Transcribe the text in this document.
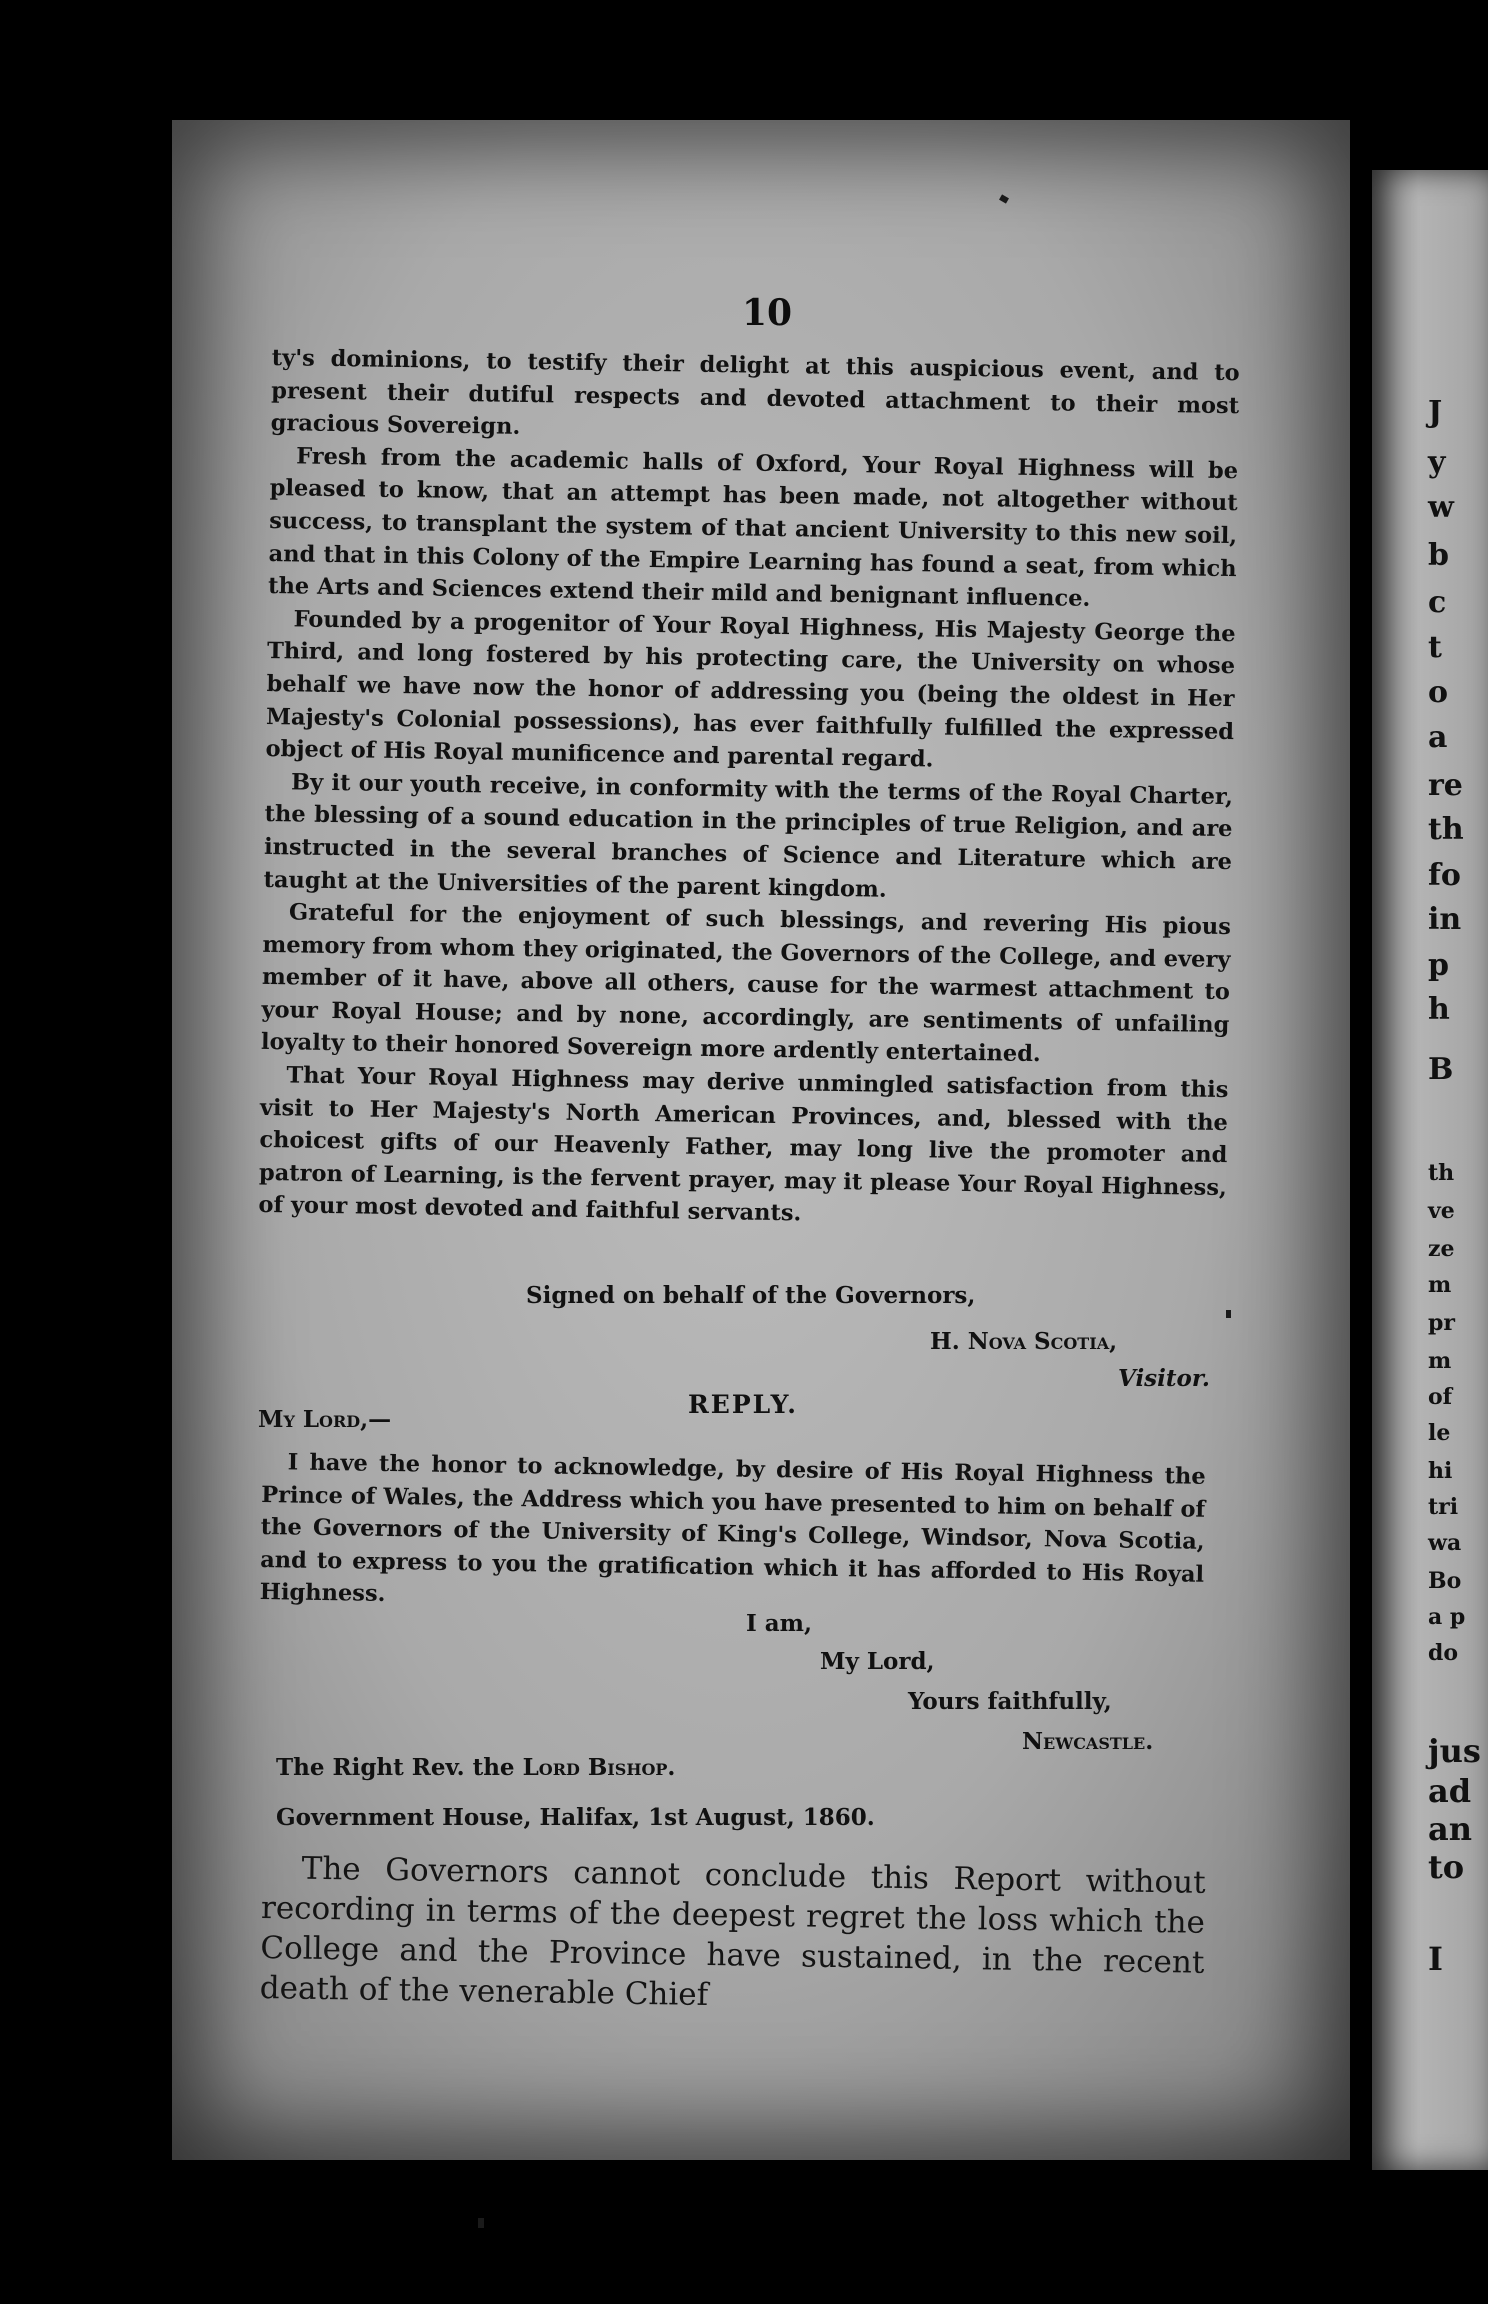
J
y
w
b
c
t
o
a
re
th
fo
in
p
h
B
th
ve
ze
m
pr
m
of
le
hi
tri
wa
Bo
a p
do
jus
ad
an
to
I
10

ty's dominions, to testify their delight at this auspicious event, and to present their dutiful respects and devoted attachment to their most gracious Sovereign.

Fresh from the academic halls of Oxford, Your Royal Highness will be pleased to know, that an attempt has been made, not altogether without success, to transplant the system of that ancient University to this new soil, and that in this Colony of the Empire Learning has found a seat, from which the Arts and Sciences extend their mild and benignant influence.

Founded by a progenitor of Your Royal Highness, His Majesty George the Third, and long fostered by his protecting care, the University on whose behalf we have now the honor of addressing you (being the oldest in Her Majesty's Colonial possessions), has ever faithfully fulfilled the expressed object of His Royal munificence and parental regard.

By it our youth receive, in conformity with the terms of the Royal Charter, the blessing of a sound education in the principles of true Religion, and are instructed in the several branches of Science and Literature which are taught at the Universities of the parent kingdom.

Grateful for the enjoyment of such blessings, and revering His pious memory from whom they originated, the Governors of the College, and every member of it have, above all others, cause for the warmest attachment to your Royal House; and by none, accordingly, are sentiments of unfailing loyalty to their honored Sovereign more ardently entertained.

That Your Royal Highness may derive unmingled satisfaction from this visit to Her Majesty's North American Provinces, and, blessed with the choicest gifts of our Heavenly Father, may long live the promoter and patron of Learning, is the fervent prayer, may it please Your Royal Highness, of your most devoted and faithful servants.

Signed on behalf of the Governors,
H. Nova Scotia,
Visitor.
REPLY.
My Lord,—

I have the honor to acknowledge, by desire of His Royal Highness the Prince of Wales, the Address which you have presented to him on behalf of the Governors of the University of King's College, Windsor, Nova Scotia, and to express to you the gratification which it has afforded to His Royal Highness.

I am,
My Lord,
Yours faithfully,
Newcastle.
The Right Rev. the Lord Bishop.
Government House, Halifax, 1st August, 1860.

The Governors cannot conclude this Report without recording in terms of the deepest regret the loss which the College and the Province have sustained, in the recent death of the venerable Chief
